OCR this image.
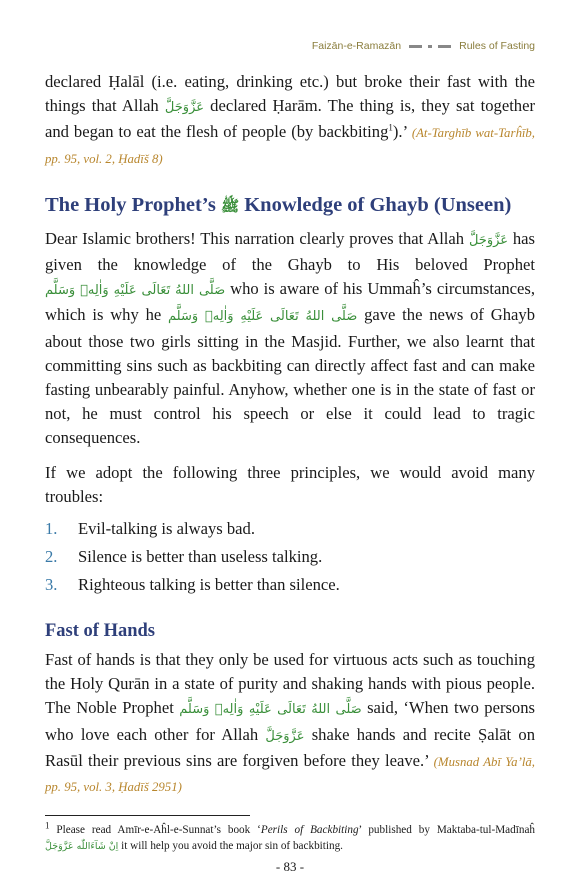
Faizān-e-Ramazān	Rules of Fasting

declared Ḥalāl (i.e. eating, drinking etc.) but broke their fast with the things that Allah عَزَّوَجَلَّ declared Ḥarām. The thing is, they sat together and began to eat the flesh of people (by backbiting$^1$).’ (At-Targhīb wat-Tarĥīb, pp. 95, vol. 2, Ḥadīš 8)

The Holy Prophet’s ﷺ Knowledge of Ghayb (Unseen)

Dear Islamic brothers! This narration clearly proves that Allah عَزَّوَجَلَّ has given the knowledge of the Ghayb to His beloved Prophet صَلَّى اللهُ تَعَالَى عَلَيْهِ وَاٰلِهٖ وَسَلَّم who is aware of his Ummaĥ’s circumstances, which is why he صَلَّى اللهُ تَعَالَى عَلَيْهِ وَاٰلِهٖ وَسَلَّم gave the news of Ghayb about those two girls sitting in the Masjid. Further, we also learnt that committing sins such as backbiting can directly affect fast and can make fasting unbearably painful. Anyhow, whether one is in the state of fast or not, he must control his speech or else it could lead to tragic consequences.

If we adopt the following three principles, we would avoid many troubles:

1.	Evil-talking is always bad.
2.	Silence is better than useless talking.
3.	Righteous talking is better than silence.
Fast of Hands

Fast of hands is that they only be used for virtuous acts such as touching the Holy Qurān in a state of purity and shaking hands with pious people. The Noble Prophet صَلَّى اللهُ تَعَالَى عَلَيْهِ وَاٰلِهٖ وَسَلَّم said, ‘When two persons who love each other for Allah عَزَّوَجَلَّ shake hands and recite Ṣalāt on Rasūl their previous sins are forgiven before they leave.’ (Musnad Abī Ya’lā, pp. 95, vol. 3, Ḥadīš 2951)

$^1$ Please read Amīr-e-Aĥl-e-Sunnat’s book ‘Perils of Backbiting’ published by Maktaba-tul-Madīnaĥ اِنْ شَآءَاللّٰه عَزَّوَجَلَّ it will help you avoid the major sin of backbiting.
- 83 -
